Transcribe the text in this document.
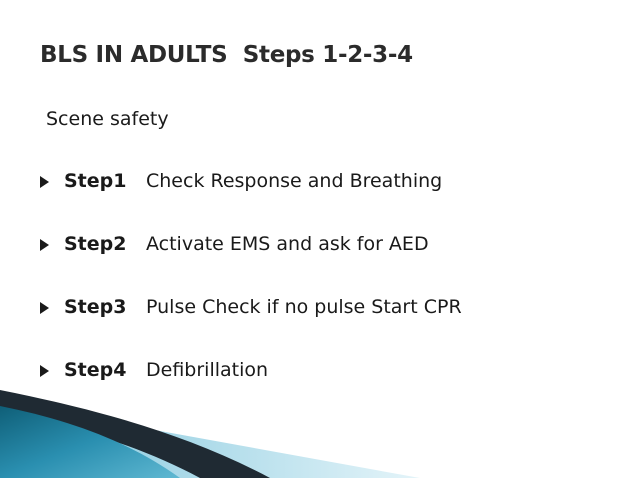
BLS IN ADULTS  Steps 1-2-3-4
Scene safety

Step1

Check Response and Breathing

Step2

Activate EMS and ask for AED

Step3

Pulse Check if no pulse Start CPR

Step4

Defibrillation
